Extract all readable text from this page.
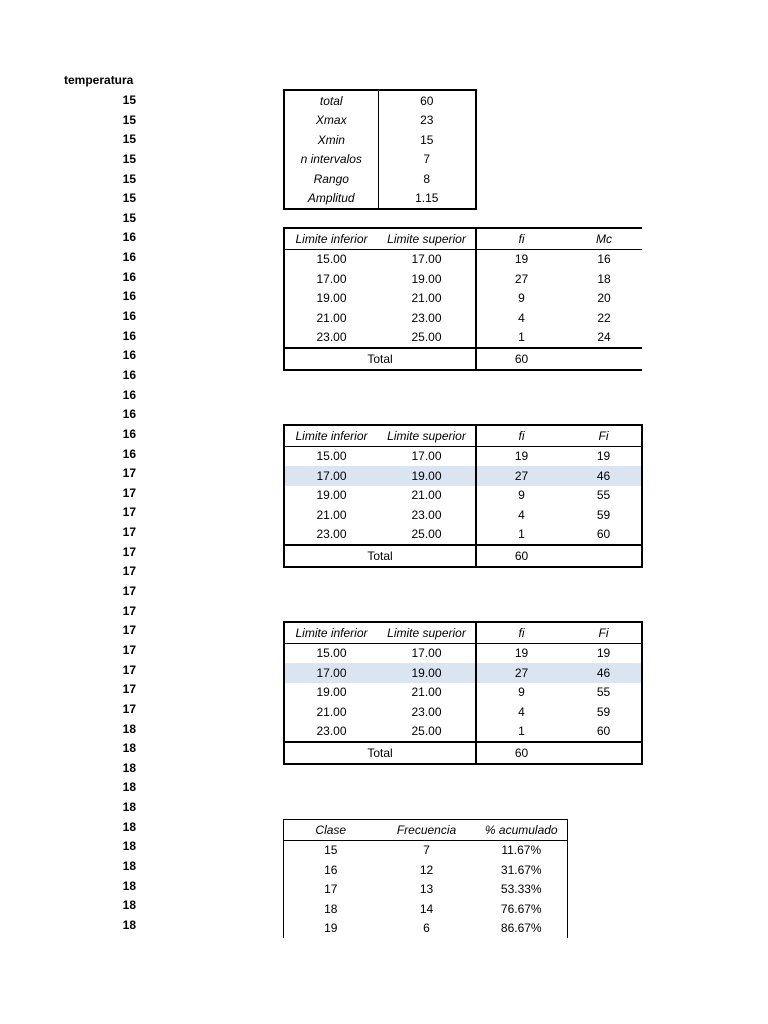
temperatura
15
15
15
15
15
15
15
16
16
16
16
16
16
16
16
16
16
16
16
17
17
17
17
17
17
17
17
17
17
17
17
17
18
18
18
18
18
18
18
18
18
18
18
total	60
Xmax	23
Xmin	15
n intervalos	7
Rango	8
Amplitud	1.15
Limite inferior	Limite superior	fi	Mc
15.00	17.00	19	16
17.00	19.00	27	18
19.00	21.00	9	20
21.00	23.00	4	22
23.00	25.00	1	24
Total		60	
Limite inferior	Limite superior	fi	Fi
15.00	17.00	19	19
17.00	19.00	27	46
19.00	21.00	9	55
21.00	23.00	4	59
23.00	25.00	1	60
Total		60	
Limite inferior	Limite superior	fi	Fi
15.00	17.00	19	19
17.00	19.00	27	46
19.00	21.00	9	55
21.00	23.00	4	59
23.00	25.00	1	60
Total		60	
Clase	Frecuencia	% acumulado
15	7	11.67%
16	12	31.67%
17	13	53.33%
18	14	76.67%
19	6	86.67%
